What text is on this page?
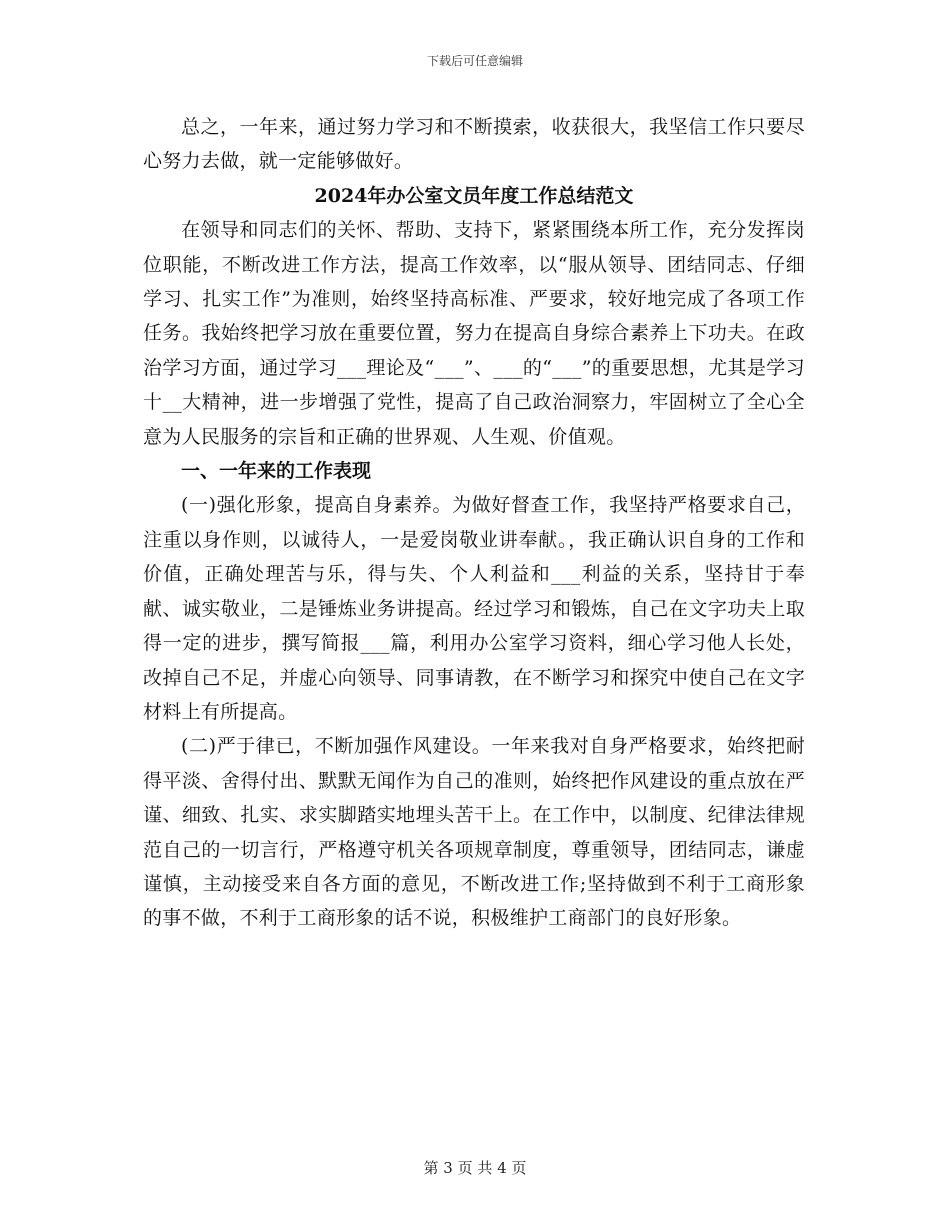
下载后可任意编辑

总之，一年来，通过努力学习和不断摸索，收获很大，我坚信工作只要尽心努力去做，就一定能够做好。

2024年办公室文员年度工作总结范文

在领导和同志们的关怀、帮助、支持下，紧紧围绕本所工作，充分发挥岗位职能，不断改进工作方法，提高工作效率，以“服从领导、团结同志、仔细学习、扎实工作”为准则，始终坚持高标准、严要求，较好地完成了各项工作任务。我始终把学习放在重要位置，努力在提高自身综合素养上下功夫。在政治学习方面，通过学习___理论及“___”、___的“___”的重要思想，尤其是学习十__大精神，进一步增强了党性，提高了自己政治洞察力，牢固树立了全心全意为人民服务的宗旨和正确的世界观、人生观、价值观。

一、一年来的工作表现

(一)强化形象，提高自身素养。为做好督查工作，我坚持严格要求自己，注重以身作则，以诚待人，一是爱岗敬业讲奉献。，我正确认识自身的工作和价值，正确处理苦与乐，得与失、个人利益和___利益的关系，坚持甘于奉献、诚实敬业，二是锤炼业务讲提高。经过学习和锻炼，自己在文字功夫上取得一定的进步，撰写简报___篇，利用办公室学习资料，细心学习他人长处，改掉自己不足，并虚心向领导、同事请教，在不断学习和探究中使自己在文字材料上有所提高。

(二)严于律已，不断加强作风建设。一年来我对自身严格要求，始终把耐得平淡、舍得付出、默默无闻作为自己的准则，始终把作风建设的重点放在严谨、细致、扎实、求实脚踏实地埋头苦干上。在工作中，以制度、纪律法律规范自己的一切言行，严格遵守机关各项规章制度，尊重领导，团结同志，谦虚谨慎，主动接受来自各方面的意见，不断改进工作;坚持做到不利于工商形象的事不做，不利于工商形象的话不说，积极维护工商部门的良好形象。

第 3 页 共 4 页
